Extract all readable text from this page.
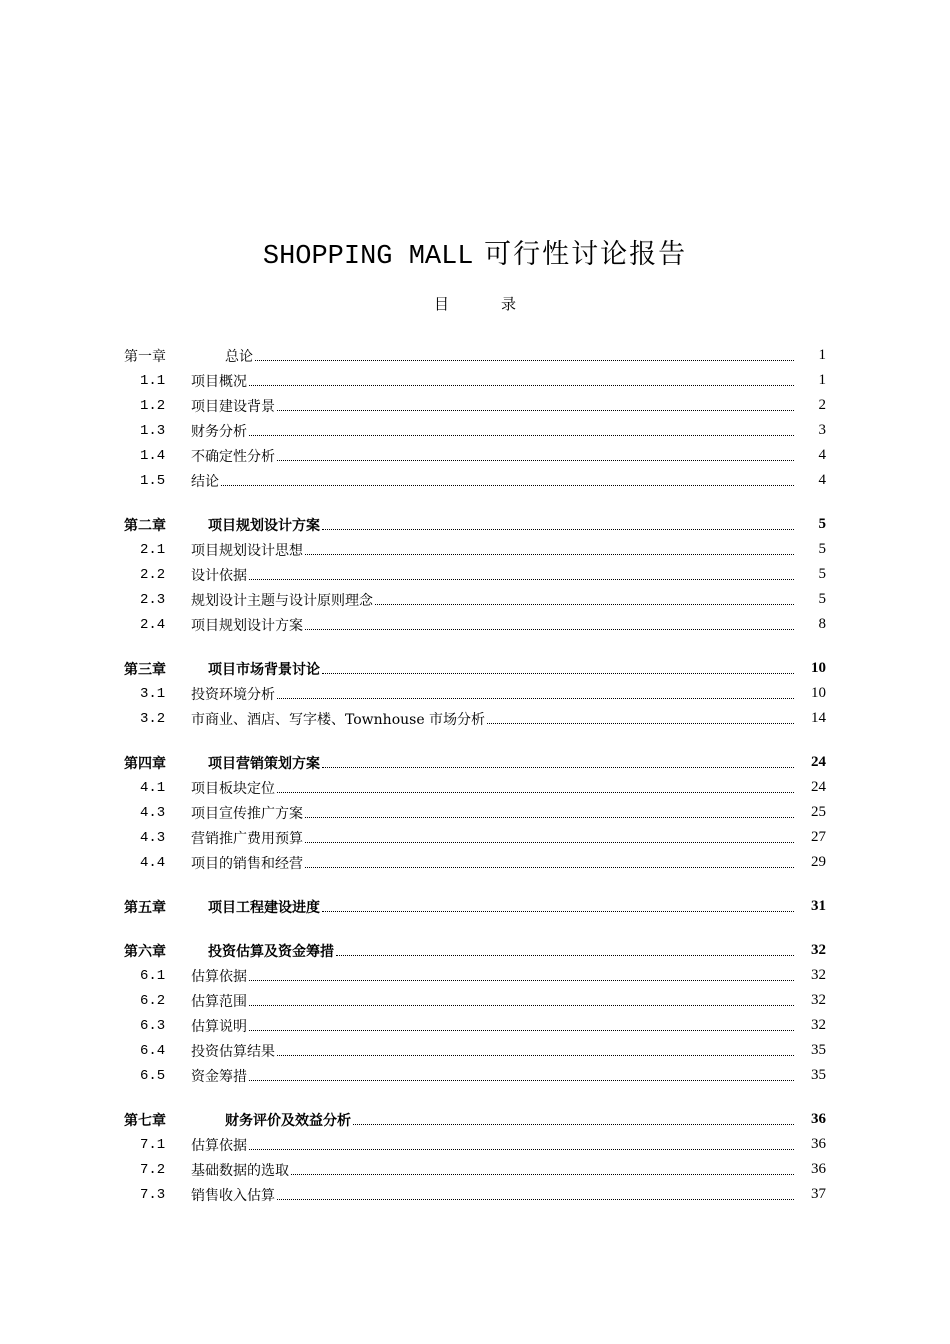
SHOPPING MALL 可行性讨论报告
目	录
第一章	总论	1
1.1	项目概况	1
1.2	项目建设背景	2
1.3	财务分析	3
1.4	不确定性分析	4
1.5	结论	4
第二章	项目规划设计方案	5
2.1	项目规划设计思想	5
2.2	设计依据	5
2.3	规划设计主题与设计原则理念	5
2.4	项目规划设计方案	8
第三章	项目市场背景讨论	10
3.1	投资环境分析	10
3.2	市商业、酒店、写字楼、Townhouse 市场分析	14
第四章	项目营销策划方案	24
4.1	项目板块定位	24
4.3	项目宣传推广方案	25
4.3	营销推广费用预算	27
4.4	项目的销售和经营	29
第五章	项目工程建设进度	31
第六章	投资估算及资金筹措	32
6.1	估算依据	32
6.2	估算范围	32
6.3	估算说明	32
6.4	投资估算结果	35
6.5	资金筹措	35
第七章	财务评价及效益分析	36
7.1	估算依据	36
7.2	基础数据的选取	36
7.3	销售收入估算	37
